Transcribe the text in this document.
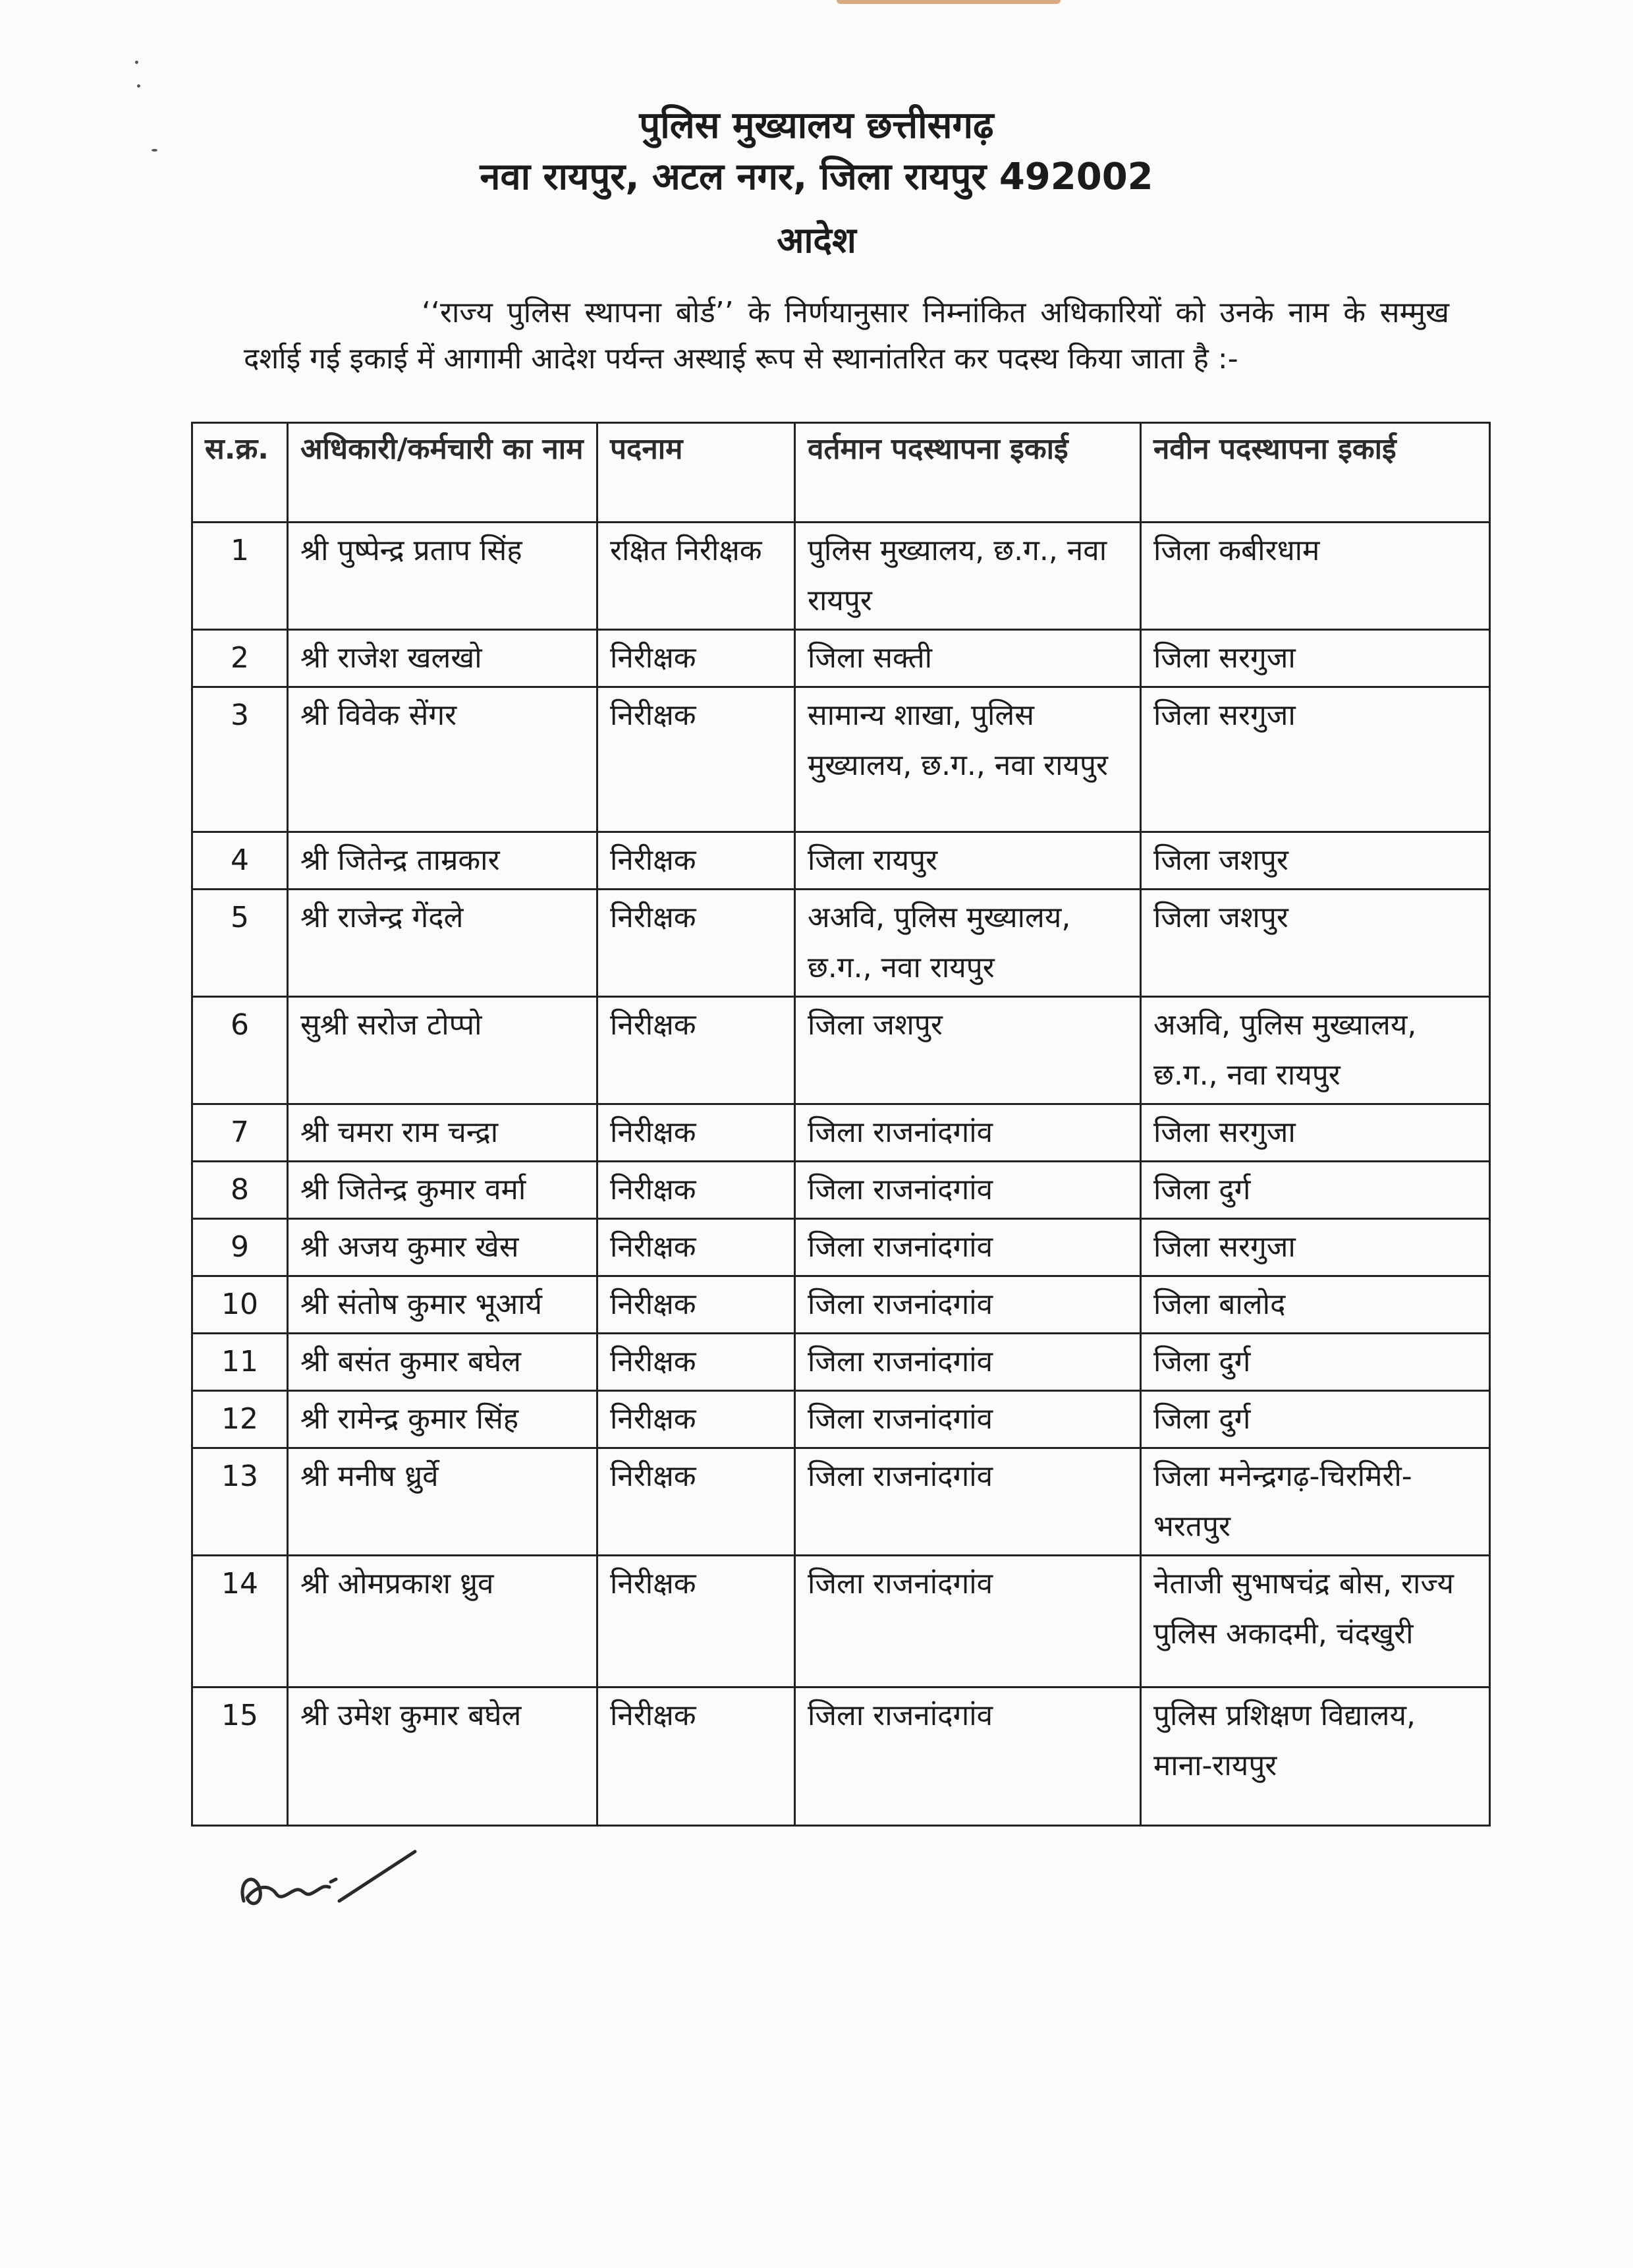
पुलिस मुख्यालय छत्तीसगढ़
नवा रायपुर, अटल नगर, जिला रायपुर 492002
आदेश
‘‘राज्य पुलिस स्थापना बोर्ड’’ के निर्णयानुसार निम्नांकित अधिकारियों को उनके नाम के सम्मुख दर्शाई गई इकाई में आगामी आदेश पर्यन्त अस्थाई रूप से स्थानांतरित कर पदस्थ किया जाता है :-
स.क्र.	अधिकारी/कर्मचारी का नाम	पदनाम	वर्तमान पदस्थापना इकाई	नवीन पदस्थापना इकाई
1	श्री पुष्पेन्द्र प्रताप सिंह	रक्षित निरीक्षक	पुलिस मुख्यालय, छ.ग., नवा रायपुर	जिला कबीरधाम
2	श्री राजेश खलखो	निरीक्षक	जिला सक्ती	जिला सरगुजा
3	श्री विवेक सेंगर	निरीक्षक	सामान्य शाखा, पुलिस मुख्यालय, छ.ग., नवा रायपुर	जिला सरगुजा
4	श्री जितेन्द्र ताम्रकार	निरीक्षक	जिला रायपुर	जिला जशपुर
5	श्री राजेन्द्र गेंदले	निरीक्षक	अअवि, पुलिस मुख्यालय, छ.ग., नवा रायपुर	जिला जशपुर
6	सुश्री सरोज टोप्पो	निरीक्षक	जिला जशपुर	अअवि, पुलिस मुख्यालय, छ.ग., नवा रायपुर
7	श्री चमरा राम चन्द्रा	निरीक्षक	जिला राजनांदगांव	जिला सरगुजा
8	श्री जितेन्द्र कुमार वर्मा	निरीक्षक	जिला राजनांदगांव	जिला दुर्ग
9	श्री अजय कुमार खेस	निरीक्षक	जिला राजनांदगांव	जिला सरगुजा
10	श्री संतोष कुमार भूआर्य	निरीक्षक	जिला राजनांदगांव	जिला बालोद
11	श्री बसंत कुमार बघेल	निरीक्षक	जिला राजनांदगांव	जिला दुर्ग
12	श्री रामेन्द्र कुमार सिंह	निरीक्षक	जिला राजनांदगांव	जिला दुर्ग
13	श्री मनीष ध्रुर्वे	निरीक्षक	जिला राजनांदगांव	जिला मनेन्द्रगढ़-चिरमिरी-भरतपुर
14	श्री ओमप्रकाश ध्रुव	निरीक्षक	जिला राजनांदगांव	नेताजी सुभाषचंद्र बोस, राज्य पुलिस अकादमी, चंदखुरी
15	श्री उमेश कुमार बघेल	निरीक्षक	जिला राजनांदगांव	पुलिस प्रशिक्षण विद्यालय, माना-रायपुर
